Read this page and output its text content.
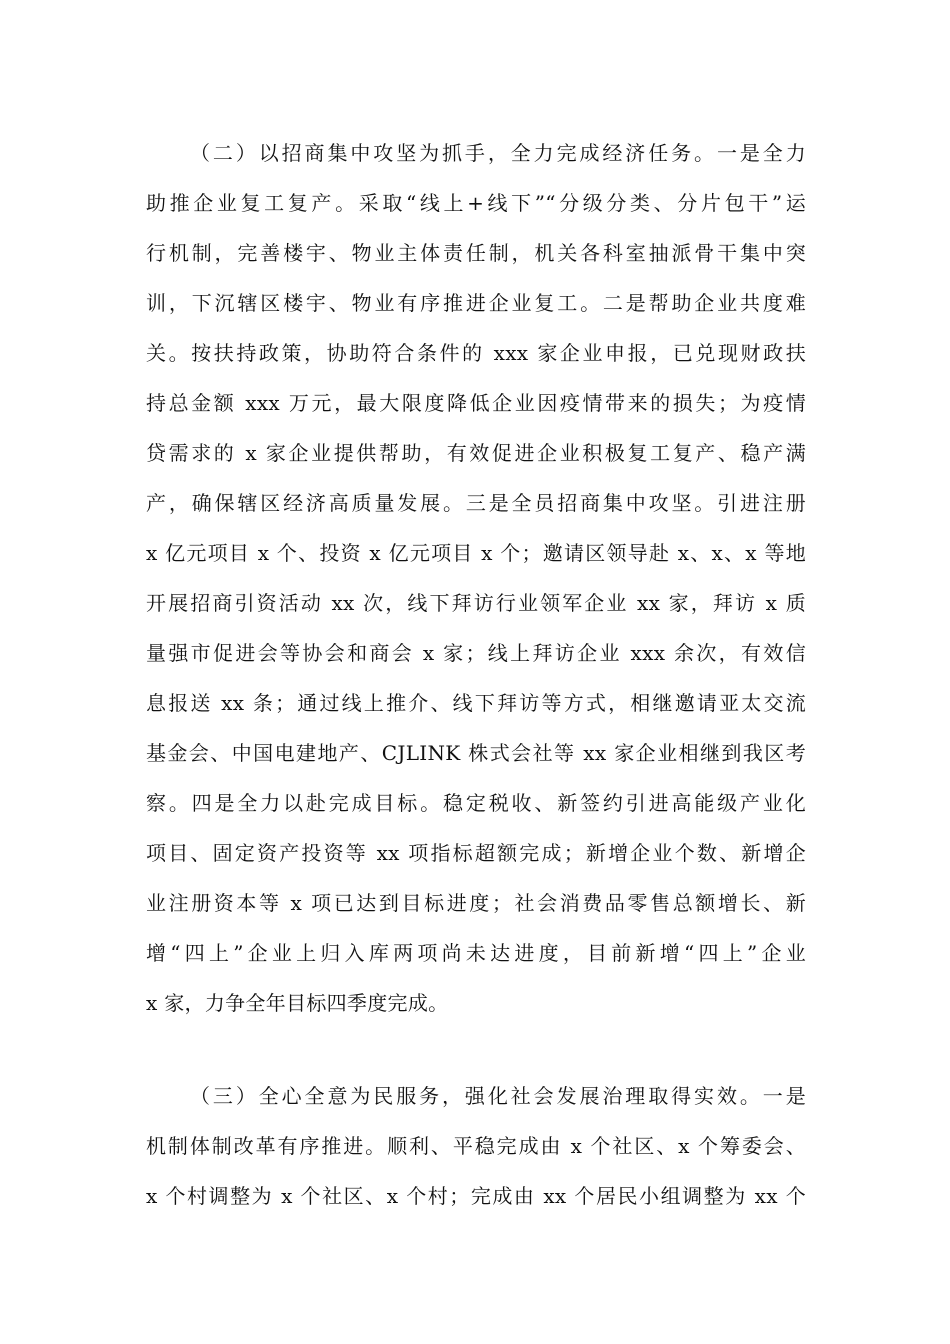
（二）以招商集中攻坚为抓手，全力完成经济任务。一是全力
助推企业复工复产。采取“线上+线下”“分级分类、分片包干”运
行机制，完善楼宇、物业主体责任制，机关各科室抽派骨干集中突
训，下沉辖区楼宇、物业有序推进企业复工。二是帮助企业共度难
关。按扶持政策，协助符合条件的 xxx 家企业申报，已兑现财政扶
持总金额 xxx 万元，最大限度降低企业因疫情带来的损失；为疫情
贷需求的 x 家企业提供帮助，有效促进企业积极复工复产、稳产满
产，确保辖区经济高质量发展。三是全员招商集中攻坚。引进注册
x 亿元项目 x 个、投资 x 亿元项目 x 个；邀请区领导赴 x、x、x 等地
开展招商引资活动 xx 次，线下拜访行业领军企业 xx 家，拜访 x 质
量强市促进会等协会和商会 x 家；线上拜访企业 xxx 余次，有效信
息报送 xx 条；通过线上推介、线下拜访等方式，相继邀请亚太交流
基金会、中国电建地产、CJLINK 株式会社等 xx 家企业相继到我区考
察。四是全力以赴完成目标。稳定税收、新签约引进高能级产业化
项目、固定资产投资等 xx 项指标超额完成；新增企业个数、新增企
业注册资本等 x 项已达到目标进度；社会消费品零售总额增长、新
增“四上”企业上归入库两项尚未达进度，目前新增“四上”企业
x 家，力争全年目标四季度完成。
（三）全心全意为民服务，强化社会发展治理取得实效。一是
机制体制改革有序推进。顺利、平稳完成由 x 个社区、x 个筹委会、
x 个村调整为 x 个社区、x 个村；完成由 xx 个居民小组调整为 xx 个
